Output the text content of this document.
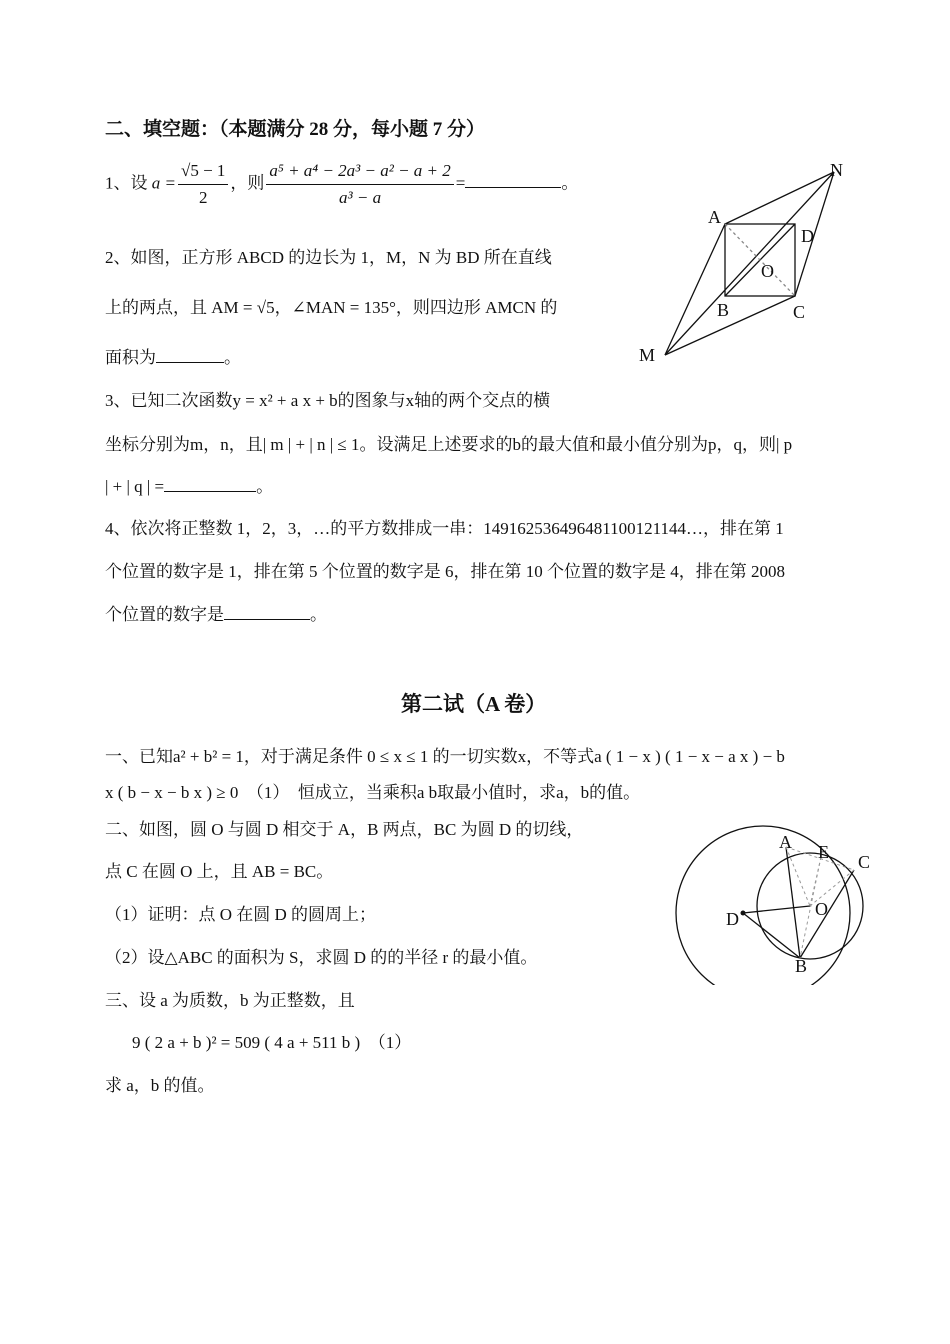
二、填空题：（本题满分 28 分，每小题 7 分）
1、设 $a = \frac{√5 - 1}{2}$ ，则 $\frac{\text{a⁵ + a⁴ − 2a³ − a² − a + 2}}{\text{a³ − a}}$ =	。
2、如图，正方形 ABCD 的边长为 1，M，N 为 BD 所在直线
上的两点，且 AM = √5，∠MAN = 135°，则四边形 AMCN 的
面积为	。
N
A
D
O
B	C
M
3、已知二次函数y = x² + a x + b的图象与x轴的两个交点的横
坐标分别为m，n，且| m | + | n | ≤ 1。设满足上述要求的b的最大值和最小值分别为p，q，则| p
| + | q | =	。
4、依次将正整数 1，2，3，…的平方数排成一串：149162536496481100121144…，排在第 1
个位置的数字是 1，排在第 5 个位置的数字是 6，排在第 10 个位置的数字是 4，排在第 2008
个位置的数字是	。
第二试（A 卷）
一、已知a² + b² = 1，对于满足条件 0 ≤ x ≤ 1 的一切实数x，不等式a ( 1 − x ) ( 1 − x − a x ) − b
x ( b − x − b x ) ≥ 0　（1）　恒成立，当乘积a b取最小值时，求a，b的值。
二、如图，圆 O 与圆 D 相交于 A，B 两点，BC 为圆 D 的切线，
点 C 在圆 O 上，且 AB = BC。
（1）证明：点 O 在圆 D 的圆周上；
（2）设△ABC 的面积为 S，求圆 D 的的半径 r 的最小值。
A E C
D	O
B
三、设 a 为质数，b 为正整数，且
9 ( 2 a + b )² = 509 ( 4 a + 511 b )　（1）
求 a，b 的值。
